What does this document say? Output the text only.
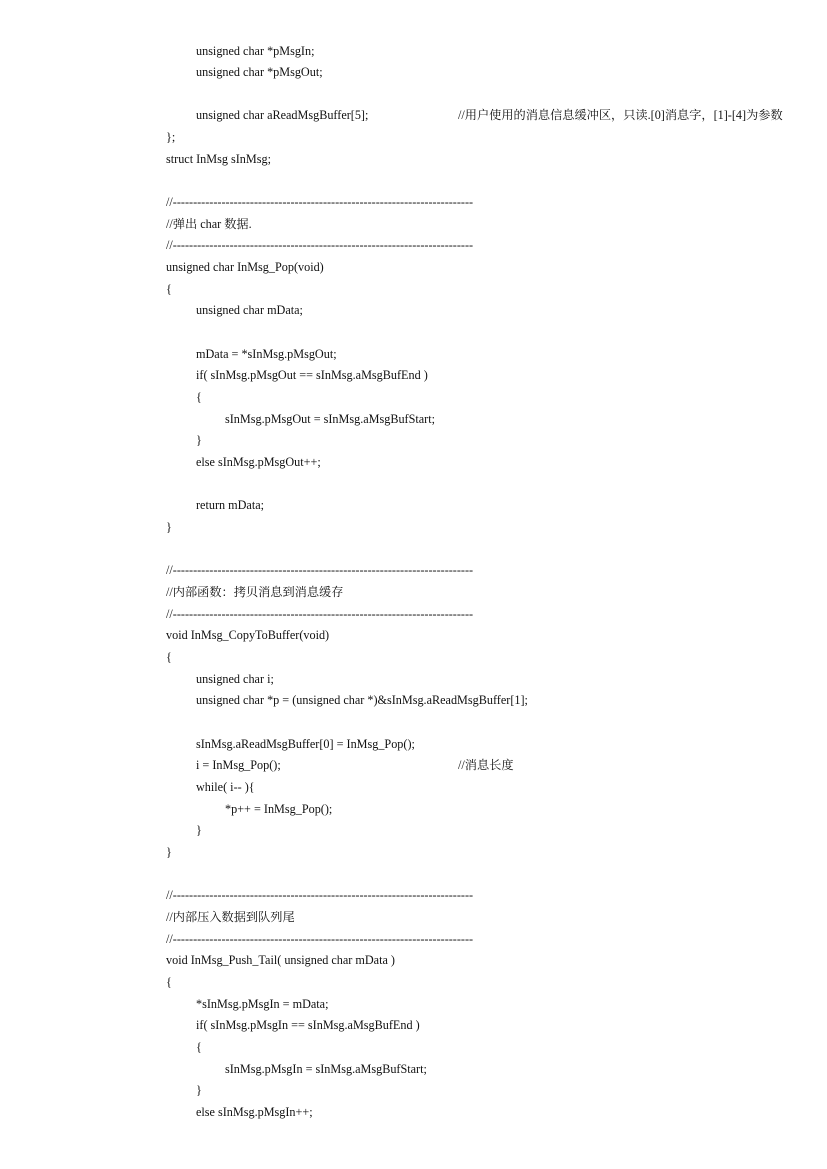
unsigned char *pMsgIn;
unsigned char *pMsgOut;
unsigned char aReadMsgBuffer[5];	//用户使用的消息信息缓冲区，只读.[0]消息字，[1]-[4]为参数
};
struct InMsg sInMsg;
//--------------------------------------------------------------------------
//弹出 char 数据.
//--------------------------------------------------------------------------
unsigned char InMsg_Pop(void)
{
unsigned char mData;
mData = *sInMsg.pMsgOut;
if( sInMsg.pMsgOut == sInMsg.aMsgBufEnd )
{
sInMsg.pMsgOut = sInMsg.aMsgBufStart;
}
else sInMsg.pMsgOut++;
return mData;
}
//--------------------------------------------------------------------------
//内部函数：拷贝消息到消息缓存
//--------------------------------------------------------------------------
void InMsg_CopyToBuffer(void)
{
unsigned char i;
unsigned char *p = (unsigned char *)&sInMsg.aReadMsgBuffer[1];
sInMsg.aReadMsgBuffer[0] = InMsg_Pop();
i = InMsg_Pop();	//消息长度
while( i-- ){
*p++ = InMsg_Pop();
}
}
//--------------------------------------------------------------------------
//内部压入数据到队列尾
//--------------------------------------------------------------------------
void InMsg_Push_Tail( unsigned char mData )
{
*sInMsg.pMsgIn = mData;
if( sInMsg.pMsgIn == sInMsg.aMsgBufEnd )
{
sInMsg.pMsgIn = sInMsg.aMsgBufStart;
}
else sInMsg.pMsgIn++;
